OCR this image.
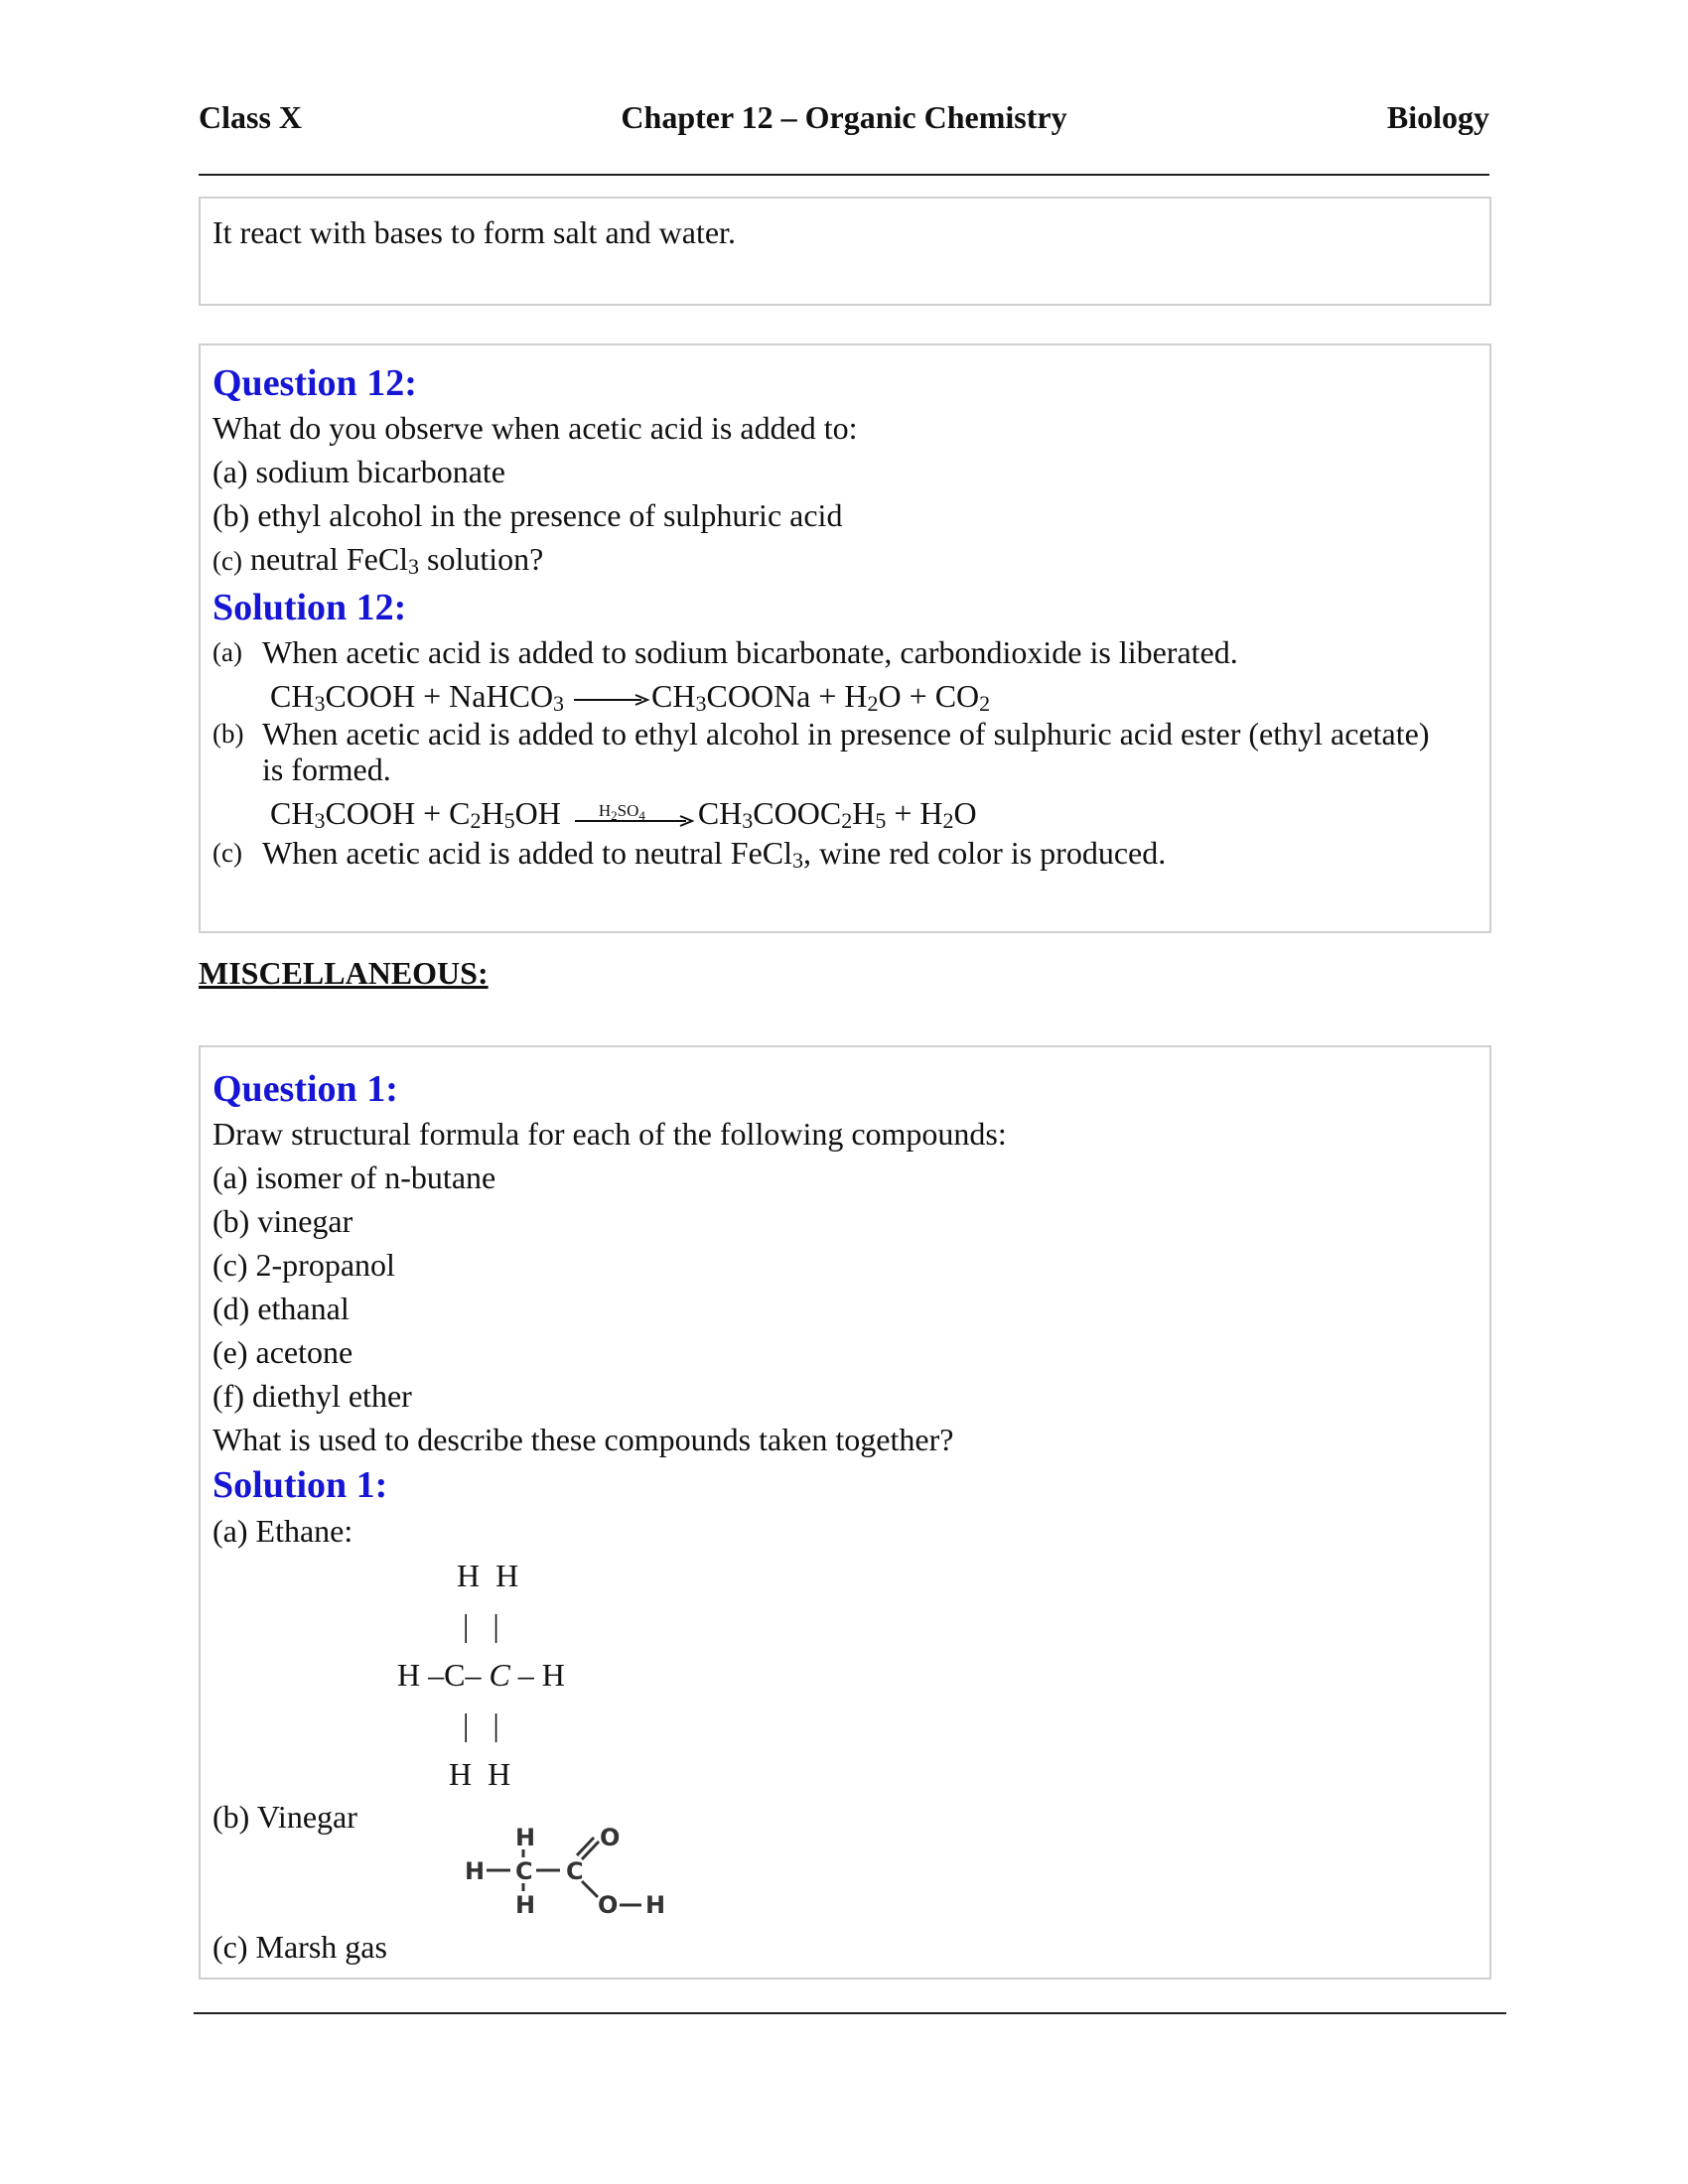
Class X	Chapter 12 – Organic Chemistry	Biology
It react with bases to form salt and water.
Question 12:
What do you observe when acetic acid is added to:
(a) sodium bicarbonate
(b) ethyl alcohol in the presence of sulphuric acid
(c) neutral FeCl$_3$ solution?
Solution 12:
(a) When acetic acid is added to sodium bicarbonate, carbondioxide is liberated.
$CH_3COOH$ + NaHCO$_3$ $\to CH_3COONa + H_2O + CO_2$
(b) When acetic acid is added to ethyl alcohol in presence of sulphuric acid ester (ethyl acetate)
is formed.
$CH_3COOH + C_2H_5OH$ $H_2SO_4$ $CH_3COOC_2H_5 + H_2O$
(c) When acetic acid is added to neutral FeCl$_3$, wine red color is produced.
MISCELLANEOUS:
Question 1:
Draw structural formula for each of the following compounds:
(a) isomer of n-butane
(b) vinegar
(c) 2-propanol
(d) ethanal
(e) acetone
(f) diethyl ether
What is used to describe these compounds taken together?
Solution 1:
(a) Ethane:
H  H
|   |
H –C– C – H
|   |
H  H
(b) Vinegar
H
H C C
H
O
O H
(c) Marsh gas
